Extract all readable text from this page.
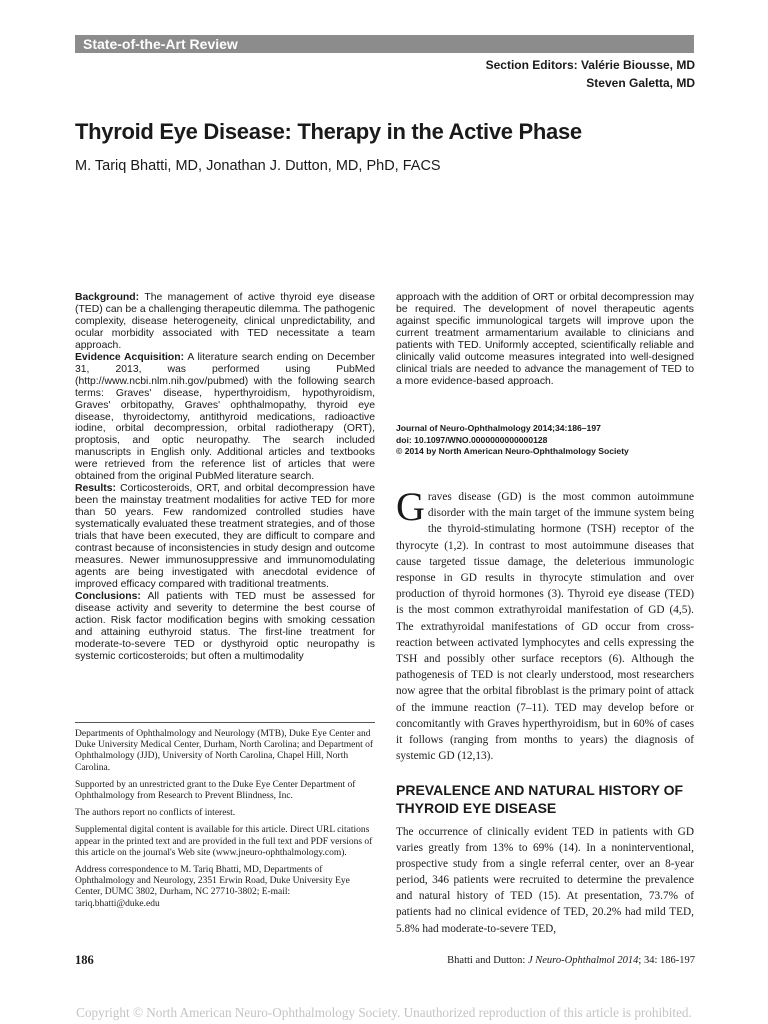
State-of-the-Art Review
Section Editors: Valérie Biousse, MD
Steven Galetta, MD
Thyroid Eye Disease: Therapy in the Active Phase
M. Tariq Bhatti, MD, Jonathan J. Dutton, MD, PhD, FACS

Background: The management of active thyroid eye disease (TED) can be a challenging therapeutic dilemma. The pathogenic complexity, disease heterogeneity, clinical unpredictability, and ocular morbidity associated with TED necessitate a team approach.

Evidence Acquisition: A literature search ending on December 31, 2013, was performed using PubMed (http://www.ncbi.nlm.nih.gov/pubmed) with the following search terms: Graves' disease, hyperthyroidism, hypothyroidism, Graves' orbitopathy, Graves' ophthalmopathy, thyroid eye disease, thyroidectomy, antithyroid medications, radioactive iodine, orbital decompression, orbital radiotherapy (ORT), proptosis, and optic neuropathy. The search included manuscripts in English only. Additional articles and textbooks were retrieved from the reference list of articles that were obtained from the original PubMed literature search.

Results: Corticosteroids, ORT, and orbital decompression have been the mainstay treatment modalities for active TED for more than 50 years. Few randomized controlled studies have systematically evaluated these treatment strategies, and of those trials that have been executed, they are difficult to compare and contrast because of inconsistencies in study design and outcome measures. Newer immunosuppressive and immunomodulating agents are being investigated with anecdotal evidence of improved efficacy compared with traditional treatments.

Conclusions: All patients with TED must be assessed for disease activity and severity to determine the best course of action. Risk factor modification begins with smoking cessation and attaining euthyroid status. The first-line treatment for moderate-to-severe TED or dysthyroid optic neuropathy is systemic corticosteroids; but often a multimodality

approach with the addition of ORT or orbital decompression may be required. The development of novel therapeutic agents against specific immunological targets will improve upon the current treatment armamentarium available to clinicians and patients with TED. Uniformly accepted, scientifically reliable and clinically valid outcome measures integrated into well-designed clinical trials are needed to advance the management of TED to a more evidence-based approach.

Journal of Neuro-Ophthalmology 2014;34:186–197
doi: 10.1097/WNO.0000000000000128
© 2014 by North American Neuro-Ophthalmology Society

Graves disease (GD) is the most common autoimmune disorder with the main target of the immune system being the thyroid-stimulating hormone (TSH) receptor of the thyrocyte (1,2). In contrast to most autoimmune diseases that cause targeted tissue damage, the deleterious immunologic response in GD results in thyrocyte stimulation and over production of thyroid hormones (3). Thyroid eye disease (TED) is the most common extrathyroidal manifestation of GD (4,5). The extrathyroidal manifestations of GD occur from cross-reaction between activated lymphocytes and cells expressing the TSH and possibly other surface receptors (6). Although the pathogenesis of TED is not clearly understood, most researchers now agree that the orbital fibroblast is the primary point of attack of the immune reaction (7–11). TED may develop before or concomitantly with Graves hyperthyroidism, but in 60% of cases it follows (ranging from months to years) the diagnosis of systemic GD (12,13).

PREVALENCE AND NATURAL HISTORY OF THYROID EYE DISEASE

The occurrence of clinically evident TED in patients with GD varies greatly from 13% to 69% (14). In a noninterventional, prospective study from a single referral center, over an 8-year period, 346 patients were recruited to determine the prevalence and natural history of TED (15). At presentation, 73.7% of patients had no clinical evidence of TED, 20.2% had mild TED, 5.8% had moderate-to-severe TED,

Departments of Ophthalmology and Neurology (MTB), Duke Eye Center and Duke University Medical Center, Durham, North Carolina; and Department of Ophthalmology (JJD), University of North Carolina, Chapel Hill, North Carolina.

Supported by an unrestricted grant to the Duke Eye Center Department of Ophthalmology from Research to Prevent Blindness, Inc.

The authors report no conflicts of interest.

Supplemental digital content is available for this article. Direct URL citations appear in the printed text and are provided in the full text and PDF versions of this article on the journal's Web site (www.jneuro-ophthalmology.com).

Address correspondence to M. Tariq Bhatti, MD, Departments of Ophthalmology and Neurology, 2351 Erwin Road, Duke University Eye Center, DUMC 3802, Durham, NC 27710-3802; E-mail: tariq.bhatti@duke.edu

186	Bhatti and Dutton: J Neuro-Ophthalmol 2014; 34: 186-197
Copyright © North American Neuro-Ophthalmology Society. Unauthorized reproduction of this article is prohibited.
